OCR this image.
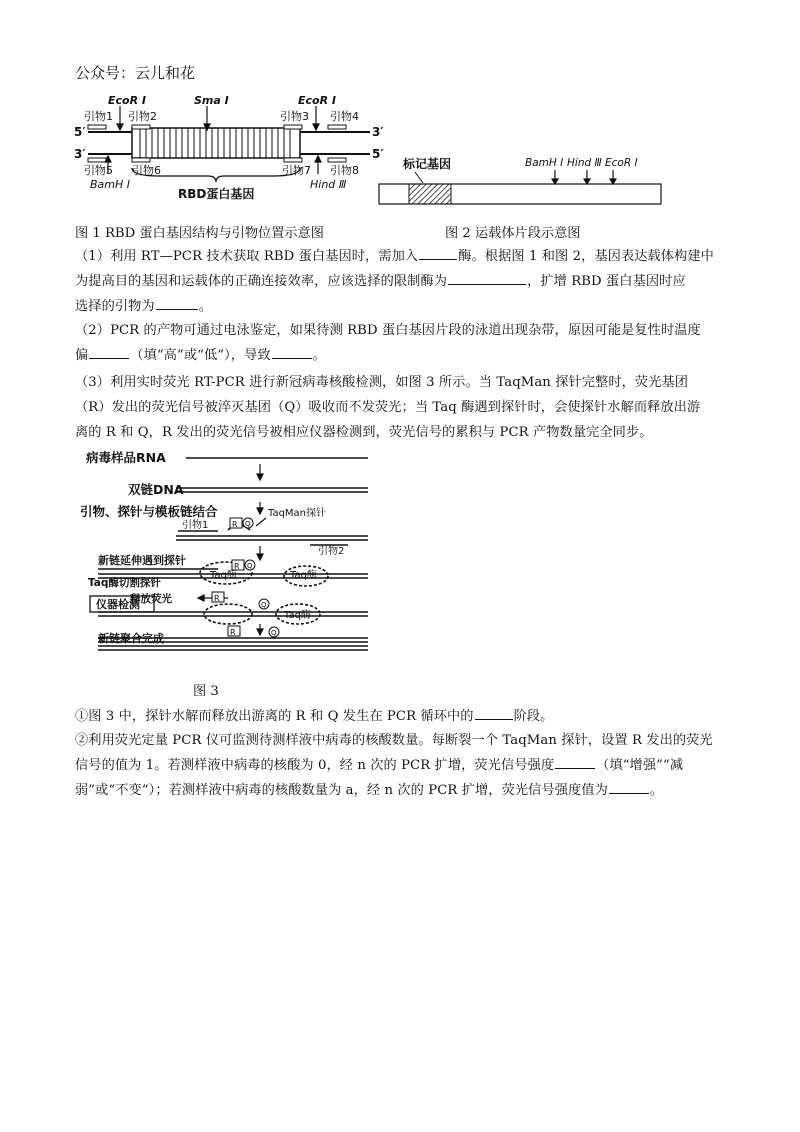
公众号：云儿和花
5′	3′
3′	5′
引物1 引物2	引物3 引物4
引物5 引物6	引物7 引物8
EcoR I	Sma I	EcoR I
BamH I	Hind Ⅲ
RBD蛋白基因
标记基因	BamH I Hind Ⅲ EcoR I
图 1 RBD 蛋白基因结构与引物位置示意图	图 2 运载体片段示意图
（1）利用 RT—PCR 技术获取 RBD 蛋白基因时，需加入	酶。根据图 1 和图 2，基因表达载体构建中
为提高目的基因和运载体的正确连接效率，应该选择的限制酶为	，扩增 RBD 蛋白基因时应
选择的引物为	。
（2）PCR 的产物可通过电泳鉴定，如果待测 RBD 蛋白基因片段的泳道出现杂带，原因可能是复性时温度
偏	（填“高”或“低”），导致	。
（3）利用实时荧光 RT-PCR 进行新冠病毒核酸检测，如图 3 所示。当 TaqMan 探针完整时，荧光基团
（R）发出的荧光信号被淬灭基团（Q）吸收而不发荧光；当 Taq 酶遇到探针时，会使探针水解而释放出游
离的 R 和 Q，R 发出的荧光信号被相应仪器检测到，荧光信号的累积与 PCR 产物数量完全同步。
病毒样品RNA
双链DNA
引物、探针与模板链结合	TaqMan探针
引物1
引物2
新链延伸遇到探针
Taq酶切割探针
释放荧光
仪器检测
新链聚合完成
Taq酶
Taq酶
Taq酶
R Q
R Q
R
Q
R	Q
图 3
①图 3 中，探针水解而释放出游离的 R 和 Q 发生在 PCR 循环中的	阶段。
②利用荧光定量 PCR 仪可监测待测样液中病毒的核酸数量。每断裂一个 TaqMan 探针，设置 R 发出的荧光
信号的值为 1。若测样液中病毒的核酸为 0，经 n 次的 PCR 扩增，荧光信号强度	（填“增强”“减
弱”或“不变”）；若测样液中病毒的核酸数量为 a，经 n 次的 PCR 扩增，荧光信号强度值为	。
